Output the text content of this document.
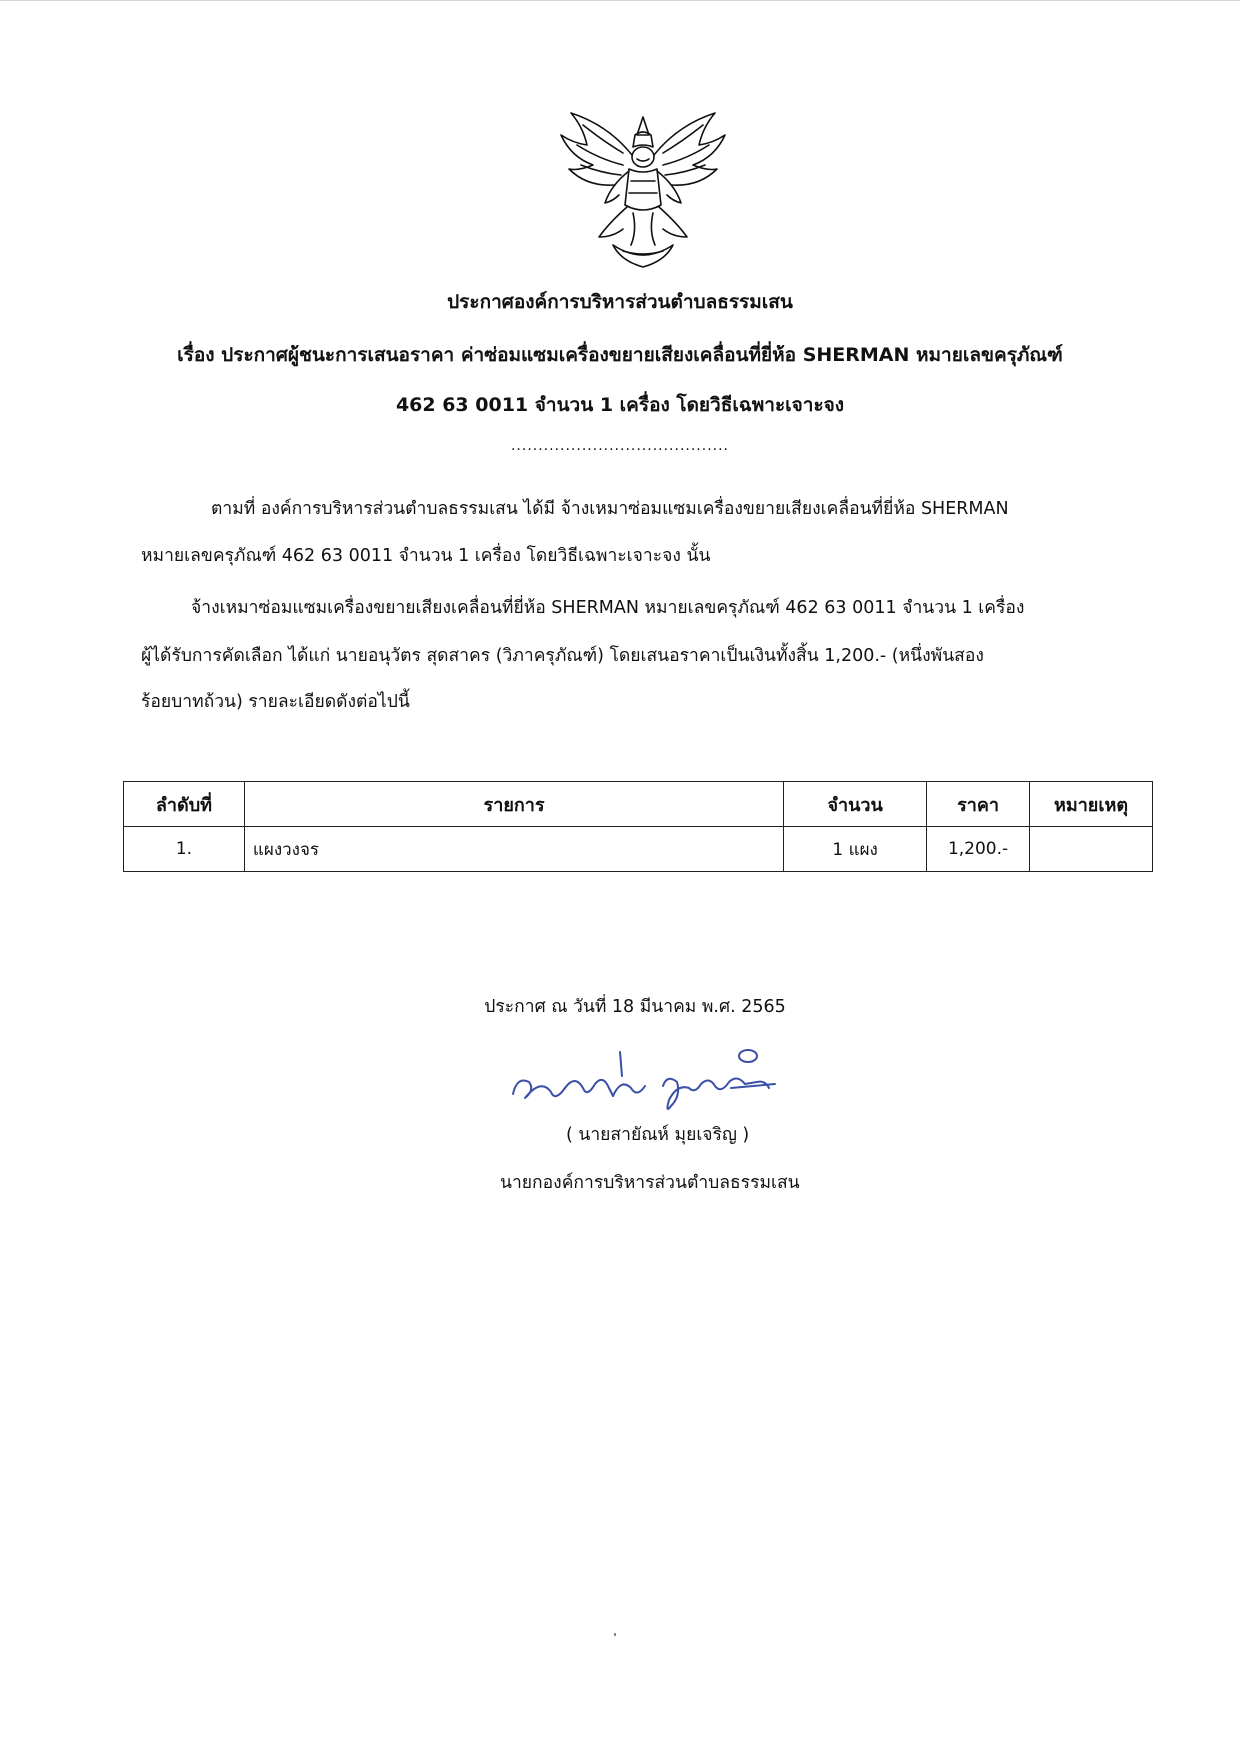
ประกาศองค์การบริหารส่วนตำบลธรรมเสน
เรื่อง ประกาศผู้ชนะการเสนอราคา ค่าซ่อมแซมเครื่องขยายเสียงเคลื่อนที่ยี่ห้อ SHERMAN หมายเลขครุภัณฑ์
462 63 0011 จำนวน 1 เครื่อง โดยวิธีเฉพาะเจาะจง
........................................
ตามที่ องค์การบริหารส่วนตำบลธรรมเสน ได้มี จ้างเหมาซ่อมแซมเครื่องขยายเสียงเคลื่อนที่ยี่ห้อ SHERMAN
หมายเลขครุภัณฑ์ 462 63 0011 จำนวน 1 เครื่อง โดยวิธีเฉพาะเจาะจง นั้น
จ้างเหมาซ่อมแซมเครื่องขยายเสียงเคลื่อนที่ยี่ห้อ SHERMAN หมายเลขครุภัณฑ์ 462 63 0011 จำนวน 1 เครื่อง
ผู้ได้รับการคัดเลือก ได้แก่ นายอนุวัตร สุดสาคร (วิภาครุภัณฑ์) โดยเสนอราคาเป็นเงินทั้งสิ้น 1,200.- (หนึ่งพันสอง
ร้อยบาทถ้วน) รายละเอียดดังต่อไปนี้
ลำดับที่	รายการ	จำนวน	ราคา	หมายเหตุ
1.	แผงวงจร	1 แผง	1,200.-	
ประกาศ ณ วันที่ 18 มีนาคม พ.ศ. 2565
( นายสายัณห์ มุยเจริญ )
นายกองค์การบริหารส่วนตำบลธรรมเสน
